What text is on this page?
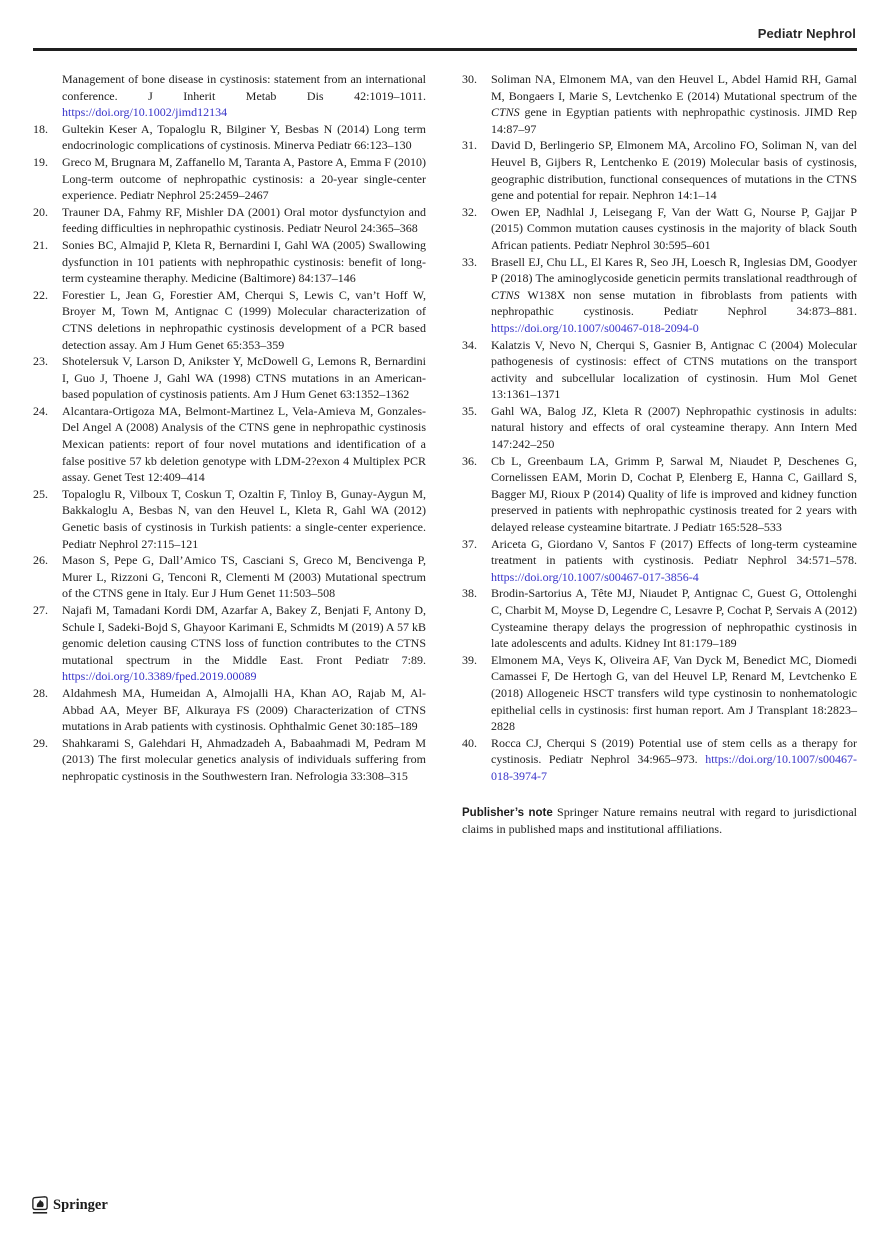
Pediatr Nephrol
Management of bone disease in cystinosis: statement from an international conference. J Inherit Metab Dis 42:1019–1011. https://doi.org/10.1002/jimd12134
18.	Gultekin Keser A, Topaloglu R, Bilginer Y, Besbas N (2014) Long term endocrinologic complications of cystinosis. Minerva Pediatr 66:123–130
19.	Greco M, Brugnara M, Zaffanello M, Taranta A, Pastore A, Emma F (2010) Long-term outcome of nephropathic cystinosis: a 20-year single-center experience. Pediatr Nephrol 25:2459–2467
20.	Trauner DA, Fahmy RF, Mishler DA (2001) Oral motor dysfunctyion and feeding difficulties in nephropathic cystinosis. Pediatr Neurol 24:365–368
21.	Sonies BC, Almajid P, Kleta R, Bernardini I, Gahl WA (2005) Swallowing dysfunction in 101 patients with nephropathic cystinosis: benefit of long-term cysteamine theraphy. Medicine (Baltimore) 84:137–146
22.	Forestier L, Jean G, Forestier AM, Cherqui S, Lewis C, van’t Hoff W, Broyer M, Town M, Antignac C (1999) Molecular characterization of CTNS deletions in nephropathic cystinosis development of a PCR based detection assay. Am J Hum Genet 65:353–359
23.	Shotelersuk V, Larson D, Anikster Y, McDowell G, Lemons R, Bernardini I, Guo J, Thoene J, Gahl WA (1998) CTNS mutations in an American-based population of cystinosis patients. Am J Hum Genet 63:1352–1362
24.	Alcantara-Ortigoza MA, Belmont-Martinez L, Vela-Amieva M, Gonzales-Del Angel A (2008) Analysis of the CTNS gene in nephropathic cystinosis Mexican patients: report of four novel mutations and identification of a false positive 57 kb deletion genotype with LDM-2?exon 4 Multiplex PCR assay. Genet Test 12:409–414
25.	Topaloglu R, Vilboux T, Coskun T, Ozaltin F, Tinloy B, Gunay-Aygun M, Bakkaloglu A, Besbas N, van den Heuvel L, Kleta R, Gahl WA (2012) Genetic basis of cystinosis in Turkish patients: a single-center experience. Pediatr Nephrol 27:115–121
26.	Mason S, Pepe G, Dall’Amico TS, Casciani S, Greco M, Bencivenga P, Murer L, Rizzoni G, Tenconi R, Clementi M (2003) Mutational spectrum of the CTNS gene in Italy. Eur J Hum Genet 11:503–508
27.	Najafi M, Tamadani Kordi DM, Azarfar A, Bakey Z, Benjati F, Antony D, Schule I, Sadeki-Bojd S, Ghayoor Karimani E, Schmidts M (2019) A 57 kB genomic deletion causing CTNS loss of function contributes to the CTNS mutational spectrum in the Middle East. Front Pediatr 7:89. https://doi.org/10.3389/fped.2019.00089
28.	Aldahmesh MA, Humeidan A, Almojalli HA, Khan AO, Rajab M, Al-Abbad AA, Meyer BF, Alkuraya FS (2009) Characterization of CTNS mutations in Arab patients with cystinosis. Ophthalmic Genet 30:185–189
29.	Shahkarami S, Galehdari H, Ahmadzadeh A, Babaahmadi M, Pedram M (2013) The first molecular genetics analysis of individuals suffering from nephropatic cystinosis in the Southwestern Iran. Nefrologia 33:308–315
30.	Soliman NA, Elmonem MA, van den Heuvel L, Abdel Hamid RH, Gamal M, Bongaers I, Marie S, Levtchenko E (2014) Mutational spectrum of the CTNS gene in Egyptian patients with nephropathic cystinosis. JIMD Rep 14:87–97
31.	David D, Berlingerio SP, Elmonem MA, Arcolino FO, Soliman N, van del Heuvel B, Gijbers R, Lentchenko E (2019) Molecular basis of cystinosis, geographic distribution, functional consequences of mutations in the CTNS gene and potential for repair. Nephron 14:1–14
32.	Owen EP, Nadhlal J, Leisegang F, Van der Watt G, Nourse P, Gajjar P (2015) Common mutation causes cystinosis in the majority of black South African patients. Pediatr Nephrol 30:595–601
33.	Brasell EJ, Chu LL, El Kares R, Seo JH, Loesch R, Inglesias DM, Goodyer P (2018) The aminoglycoside geneticin permits translational readthrough of CTNS W138X non sense mutation in fibroblasts from patients with nephropathic cystinosis. Pediatr Nephrol 34:873–881. https://doi.org/10.1007/s00467-018-2094-0
34.	Kalatzis V, Nevo N, Cherqui S, Gasnier B, Antignac C (2004) Molecular pathogenesis of cystinosis: effect of CTNS mutations on the transport activity and subcellular localization of cystinosin. Hum Mol Genet 13:1361–1371
35.	Gahl WA, Balog JZ, Kleta R (2007) Nephropathic cystinosis in adults: natural history and effects of oral cysteamine therapy. Ann Intern Med 147:242–250
36.	Cb L, Greenbaum LA, Grimm P, Sarwal M, Niaudet P, Deschenes G, Cornelissen EAM, Morin D, Cochat P, Elenberg E, Hanna C, Gaillard S, Bagger MJ, Rioux P (2014) Quality of life is improved and kidney function preserved in patients with nephropathic cystinosis treated for 2 years with delayed release cysteamine bitartrate. J Pediatr 165:528–533
37.	Ariceta G, Giordano V, Santos F (2017) Effects of long-term cysteamine treatment in patients with cystinosis. Pediatr Nephrol 34:571–578. https://doi.org/10.1007/s00467-017-3856-4
38.	Brodin-Sartorius A, Tête MJ, Niaudet P, Antignac C, Guest G, Ottolenghi C, Charbit M, Moyse D, Legendre C, Lesavre P, Cochat P, Servais A (2012) Cysteamine therapy delays the progression of nephropathic cystinosis in late adolescents and adults. Kidney Int 81:179–189
39.	Elmonem MA, Veys K, Oliveira AF, Van Dyck M, Benedict MC, Diomedi Camassei F, De Hertogh G, van del Heuvel LP, Renard M, Levtchenko E (2018) Allogeneic HSCT transfers wild type cystinosin to nonhematologic epithelial cells in cystinosis: first human report. Am J Transplant 18:2823–2828
40.	Rocca CJ, Cherqui S (2019) Potential use of stem cells as a therapy for cystinosis. Pediatr Nephrol 34:965–973. https://doi.org/10.1007/s00467-018-3974-7
Publisher’s note Springer Nature remains neutral with regard to jurisdictional claims in published maps and institutional affiliations.
Springer
